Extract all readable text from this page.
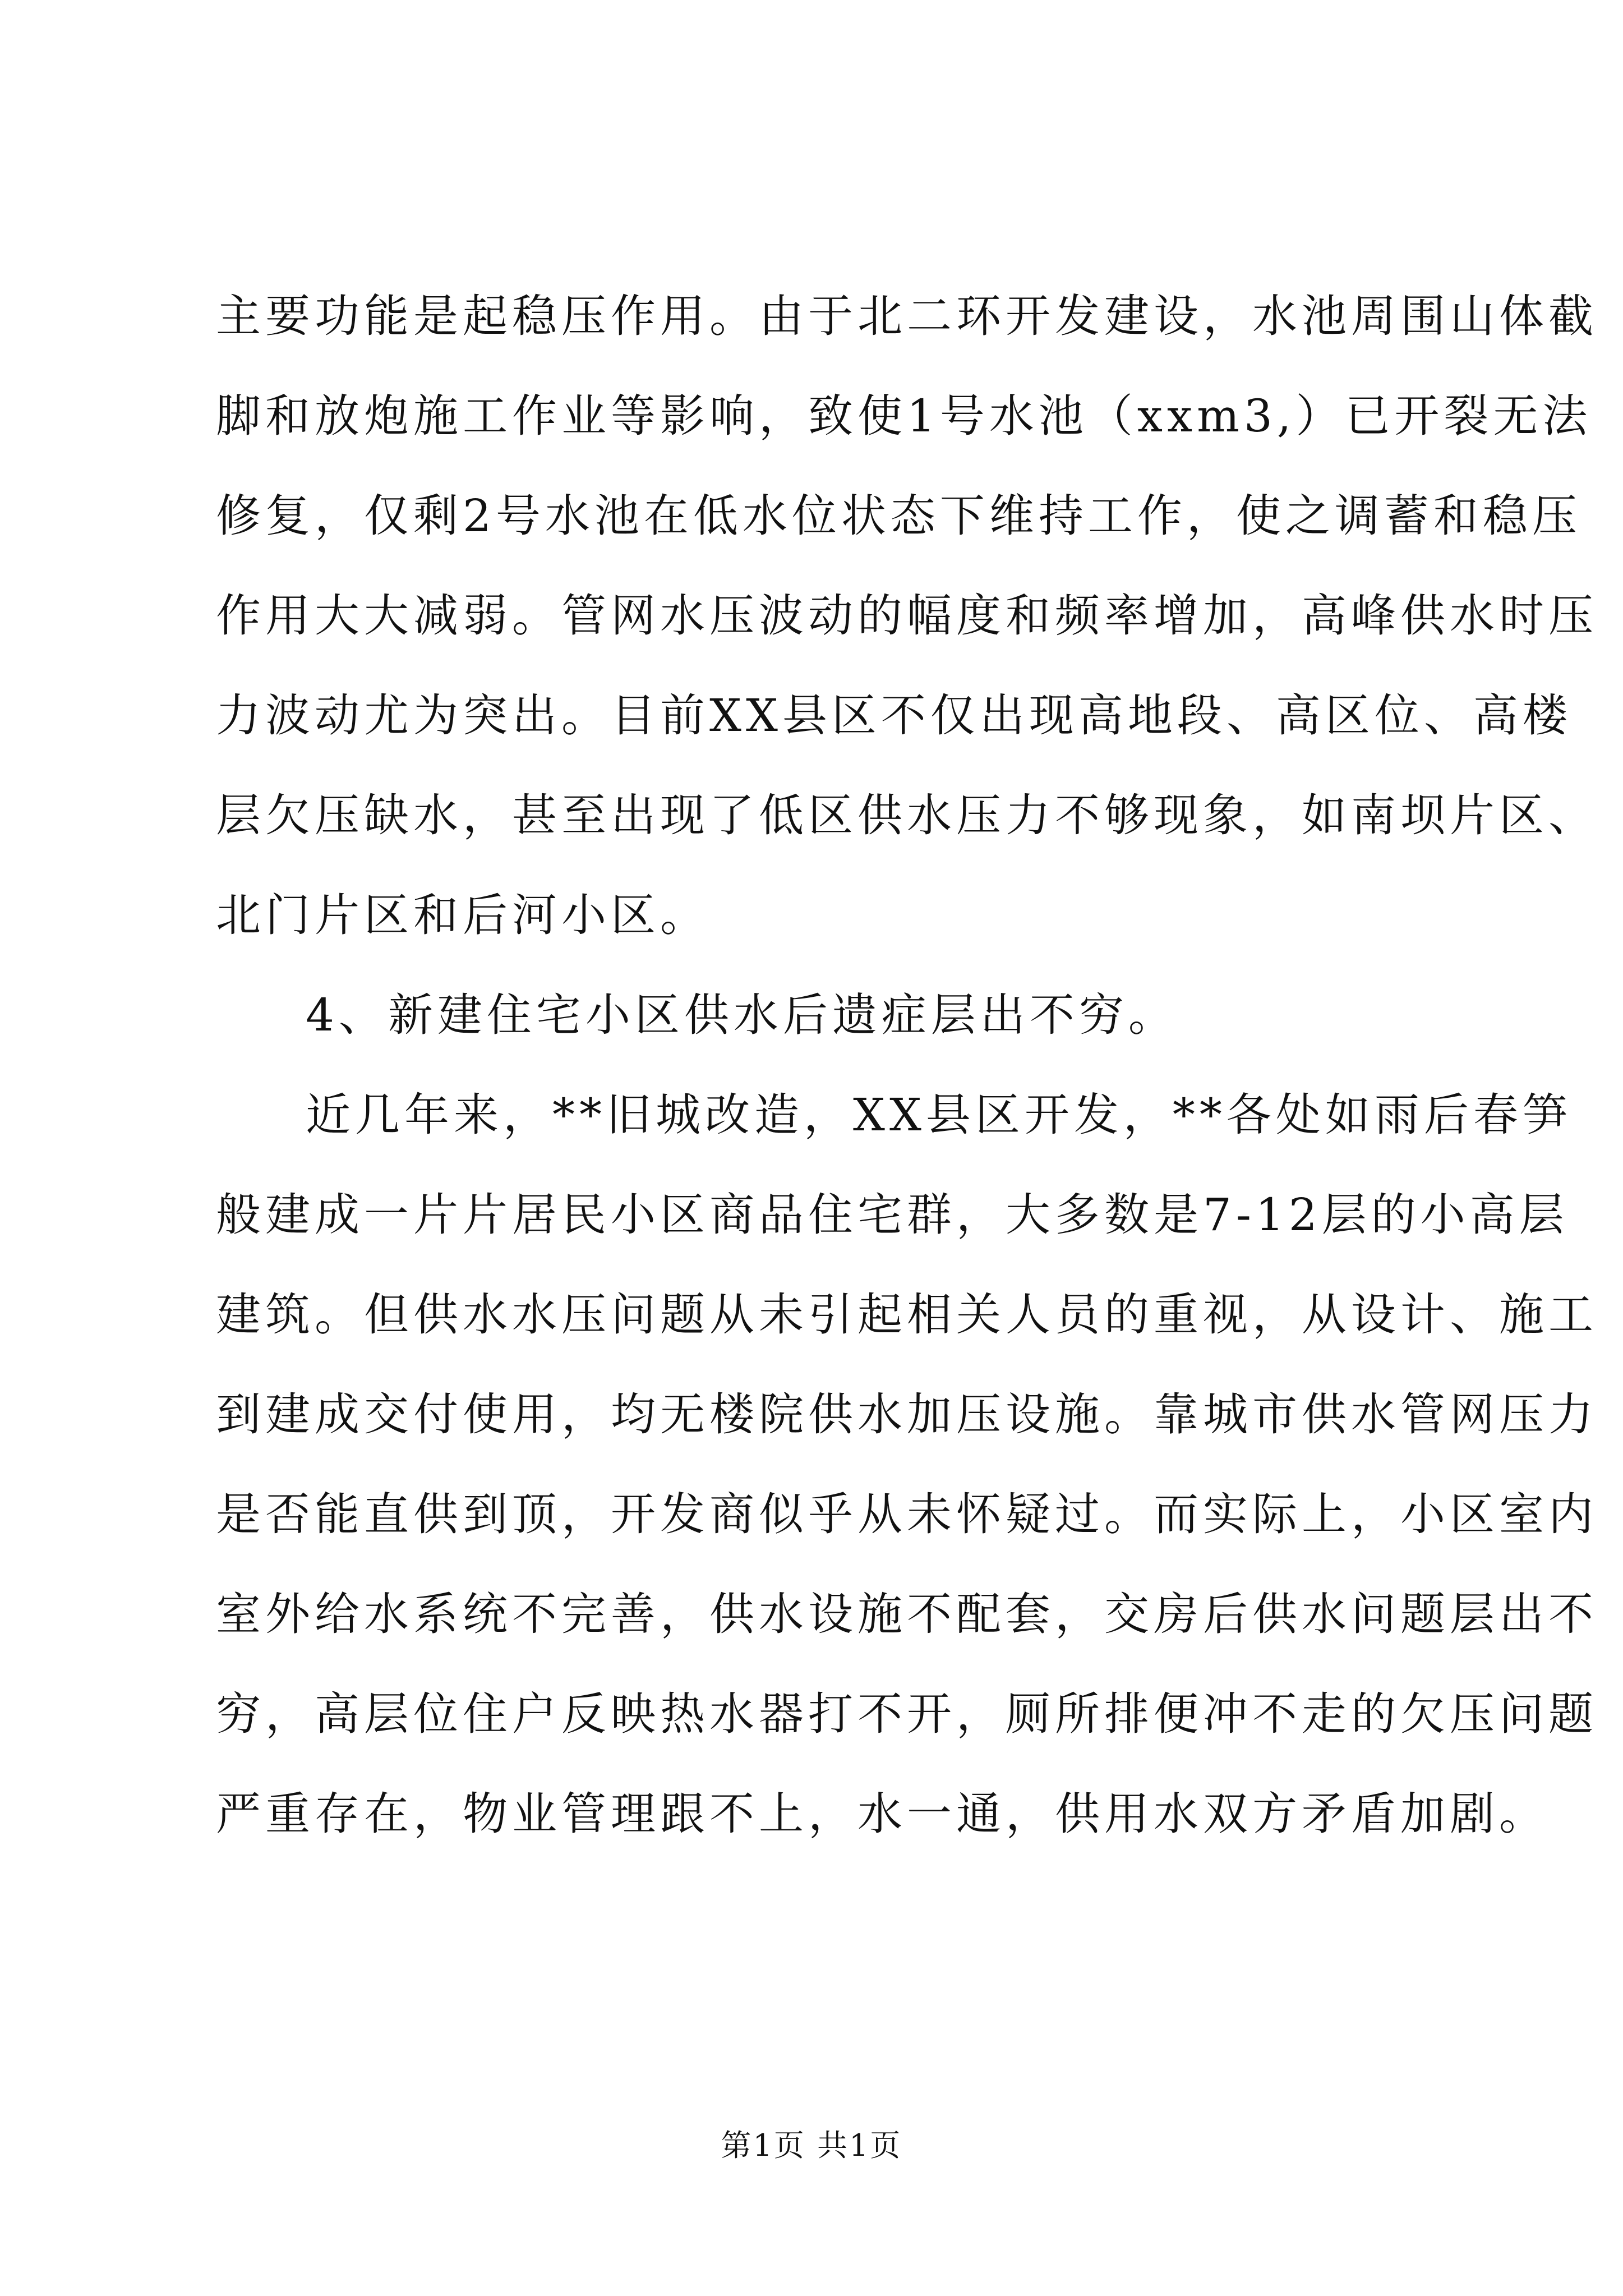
主要功能是起稳压作用。由于北二环开发建设，水池周围山体截
脚和放炮施工作业等影响，致使1号水池（xxm3,）已开裂无法
修复，仅剩2号水池在低水位状态下维持工作，使之调蓄和稳压
作用大大减弱。管网水压波动的幅度和频率增加，高峰供水时压
力波动尤为突出。目前XX县区不仅出现高地段、高区位、高楼
层欠压缺水，甚至出现了低区供水压力不够现象，如南坝片区、
北门片区和后河小区。
4、新建住宅小区供水后遗症层出不穷。
近几年来，**旧城改造，XX县区开发，**各处如雨后春笋
般建成一片片居民小区商品住宅群，大多数是7-12层的小高层
建筑。但供水水压问题从未引起相关人员的重视，从设计、施工
到建成交付使用，均无楼院供水加压设施。靠城市供水管网压力
是否能直供到顶，开发商似乎从未怀疑过。而实际上，小区室内
室外给水系统不完善，供水设施不配套，交房后供水问题层出不
穷，高层位住户反映热水器打不开，厕所排便冲不走的欠压问题
严重存在，物业管理跟不上，水一通，供用水双方矛盾加剧。
第1页 共1页
